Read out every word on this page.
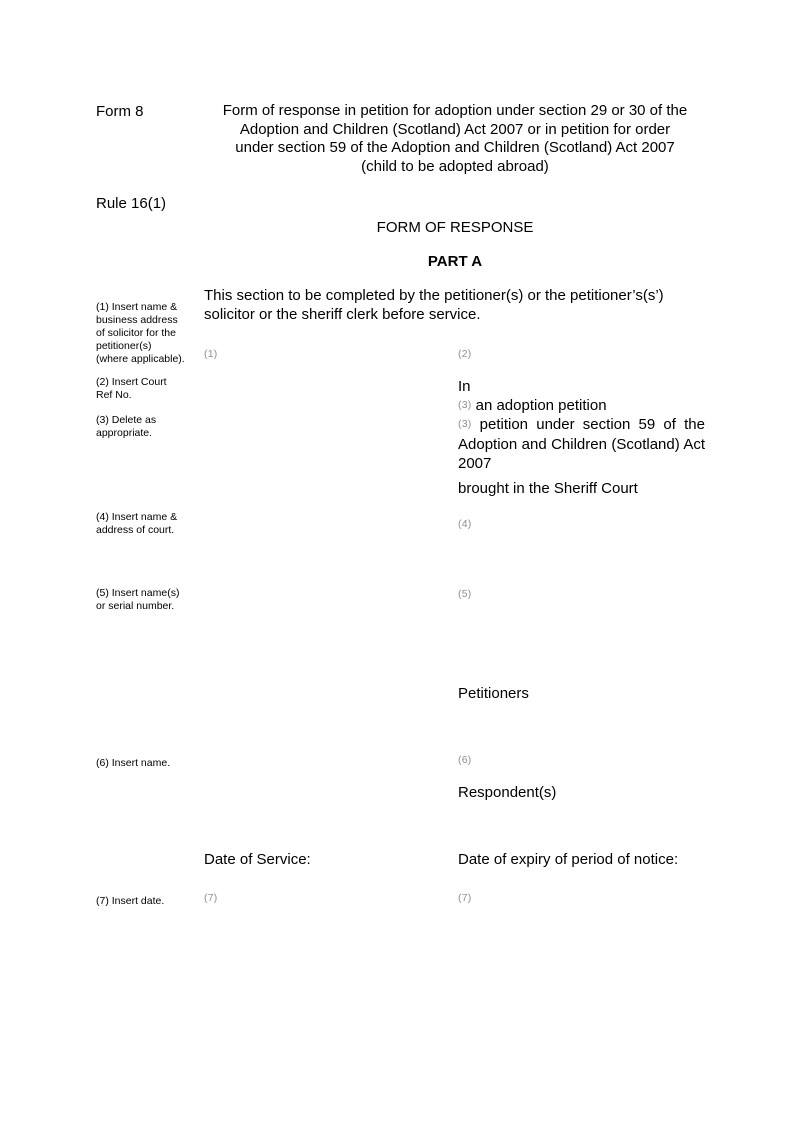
Form 8	Form of response in petition for adoption under section 29 or 30 of the
Adoption and Children (Scotland) Act 2007 or in petition for order
under section 59 of the Adoption and Children (Scotland) Act 2007
(child to be adopted abroad)
Rule 16(1)
FORM OF RESPONSE
PART A
This section to be completed by the petitioner(s) or the petitioner’s(s’)
solicitor or the sheriff clerk before service.
(1) Insert name &
business address
of solicitor for the
petitioner(s)
(where applicable).
(2) Insert Court
Ref No.
(3) Delete as
appropriate.
(4) Insert name &
address of court.
(5) Insert name(s)
or serial number.
(6) Insert name.
(7) Insert date.
(1)	(2)
In
(3) an adoption petition
(3) petition under section 59 of the Adoption and Children (Scotland) Act 2007
brought in the Sheriff Court
(4)
(5)
Petitioners
(6)
Respondent(s)
Date of Service:	Date of expiry of period of notice:
(7)	(7)
